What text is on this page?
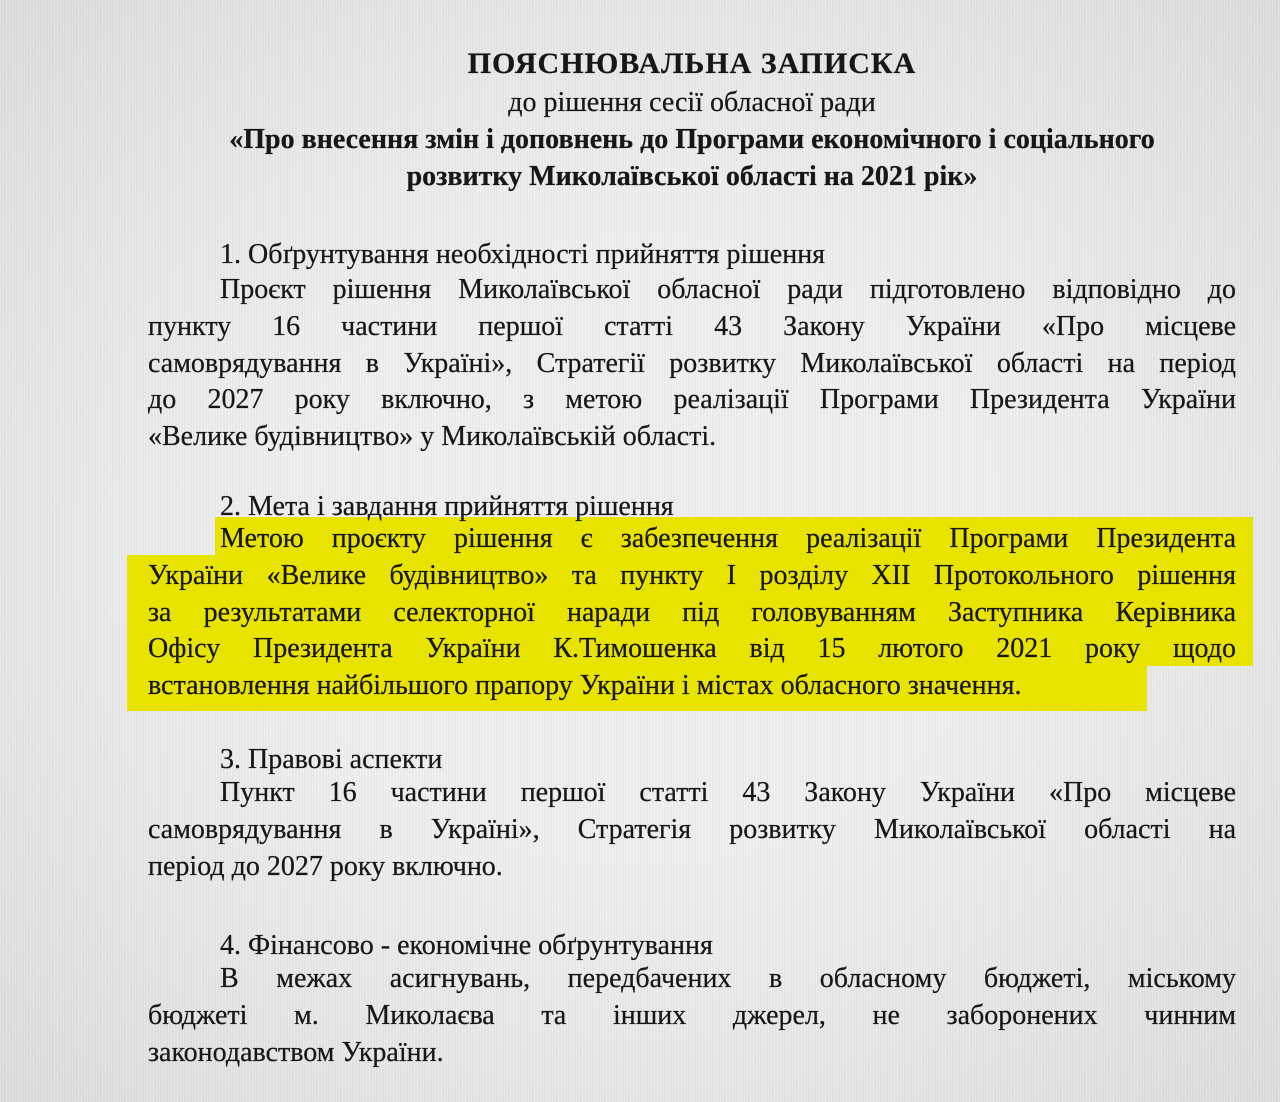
ПОЯСНЮВАЛЬНА ЗАПИСКА
до рішення сесії обласної ради
«Про внесення змін і доповнень до Програми економічного і соціального
розвитку Миколаївської області на 2021 рік»
1. Обґрунтування необхідності прийняття рішення
Проєкт рішення Миколаївської обласної ради підготовлено відповідно до
пункту 16 частини першої статті 43 Закону України «Про місцеве
самоврядування в Україні», Стратегії розвитку Миколаївської області на період
до 2027 року включно, з метою реалізації Програми Президента України
«Велике будівництво» у Миколаївській області.
2. Мета і завдання прийняття рішення
Метою проєкту рішення є забезпечення реалізації Програми Президента
України «Велике будівництво» та пункту І розділу ХІІ Протокольного рішення
за результатами селекторної наради під головуванням Заступника Керівника
Офісу Президента України К.Тимошенка від 15 лютого 2021 року щодо
встановлення найбільшого прапору України і містах обласного значення.
3. Правові аспекти
Пункт 16 частини першої статті 43 Закону України «Про місцеве
самоврядування в Україні», Стратегія розвитку Миколаївської області на
період до 2027 року включно.
4. Фінансово - економічне обґрунтування
В межах асигнувань, передбачених в обласному бюджеті, міському
бюджеті м. Миколаєва та інших джерел, не заборонених чинним
законодавством України.
